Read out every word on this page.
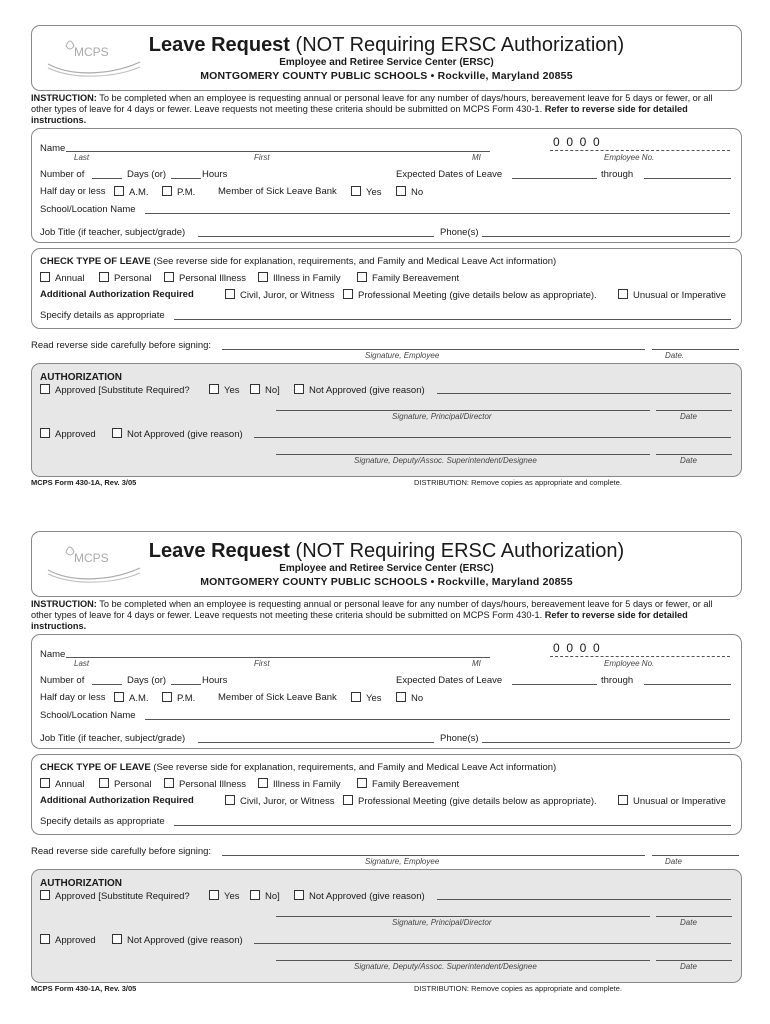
MCPS	Leave Request (NOT Requiring ERSC Authorization)
Employee and Retiree Service Center (ERSC)
MONTGOMERY COUNTY PUBLIC SCHOOLS • Rockville, Maryland 20855
INSTRUCTION: To be completed when an employee is requesting annual or personal leave for any number of days/hours, bereavement leave for 5 days or fewer, or all other types of leave for 4 days or fewer. Leave requests not meeting these criteria should be submitted on MCPS Form 430-1. Refer to reverse side for detailed instructions.
Name
Last	First	MI
0  0  0  0
Employee No.
Number of	Days (or)	Hours	Expected Dates of Leave	through
Half day or less	A.M.	P.M. Member of Sick Leave Bank	Yes	No
School/Location Name
Job Title (if teacher, subject/grade)	Phone(s)
CHECK TYPE OF LEAVE (See reverse side for explanation, requirements, and Family and Medical Leave Act information)
Annual	Personal	Personal Illness	Illness in Family	Family Bereavement
Additional Authorization Required	Civil, Juror, or Witness	Professional Meeting (give details below as appropriate).	Unusual or Imperative
Specify details as appropriate
Read reverse side carefully before signing:
Signature, Employee	Date.
AUTHORIZATION
Approved [Substitute Required?	Yes	No]	Not Approved (give reason)
Signature, Principal/Director	Date
Approved	Not Approved (give reason)
Signature, Deputy/Assoc. Superintendent/Designee	Date
MCPS Form 430-1A, Rev. 3/05	DISTRIBUTION: Remove copies as appropriate and complete.
MCPS	Leave Request (NOT Requiring ERSC Authorization)
Employee and Retiree Service Center (ERSC)
MONTGOMERY COUNTY PUBLIC SCHOOLS • Rockville, Maryland 20855
INSTRUCTION: To be completed when an employee is requesting annual or personal leave for any number of days/hours, bereavement leave for 5 days or fewer, or all other types of leave for 4 days or fewer. Leave requests not meeting these criteria should be submitted on MCPS Form 430-1. Refer to reverse side for detailed instructions.
Name
Last	First	MI
0  0  0  0
Employee No.
Number of	Days (or)	Hours	Expected Dates of Leave	through
Half day or less	A.M.	P.M. Member of Sick Leave Bank	Yes	No
School/Location Name
Job Title (if teacher, subject/grade)	Phone(s)
CHECK TYPE OF LEAVE (See reverse side for explanation, requirements, and Family and Medical Leave Act information)
Annual	Personal	Personal Illness	Illness in Family	Family Bereavement
Additional Authorization Required	Civil, Juror, or Witness	Professional Meeting (give details below as appropriate).	Unusual or Imperative
Specify details as appropriate
Read reverse side carefully before signing:
Signature, Employee	Date
AUTHORIZATION
Approved [Substitute Required?	Yes	No]	Not Approved (give reason)
Signature, Principal/Director	Date
Approved	Not Approved (give reason)
Signature, Deputy/Assoc. Superintendent/Designee	Date
MCPS Form 430-1A, Rev. 3/05	DISTRIBUTION: Remove copies as appropriate and complete.
